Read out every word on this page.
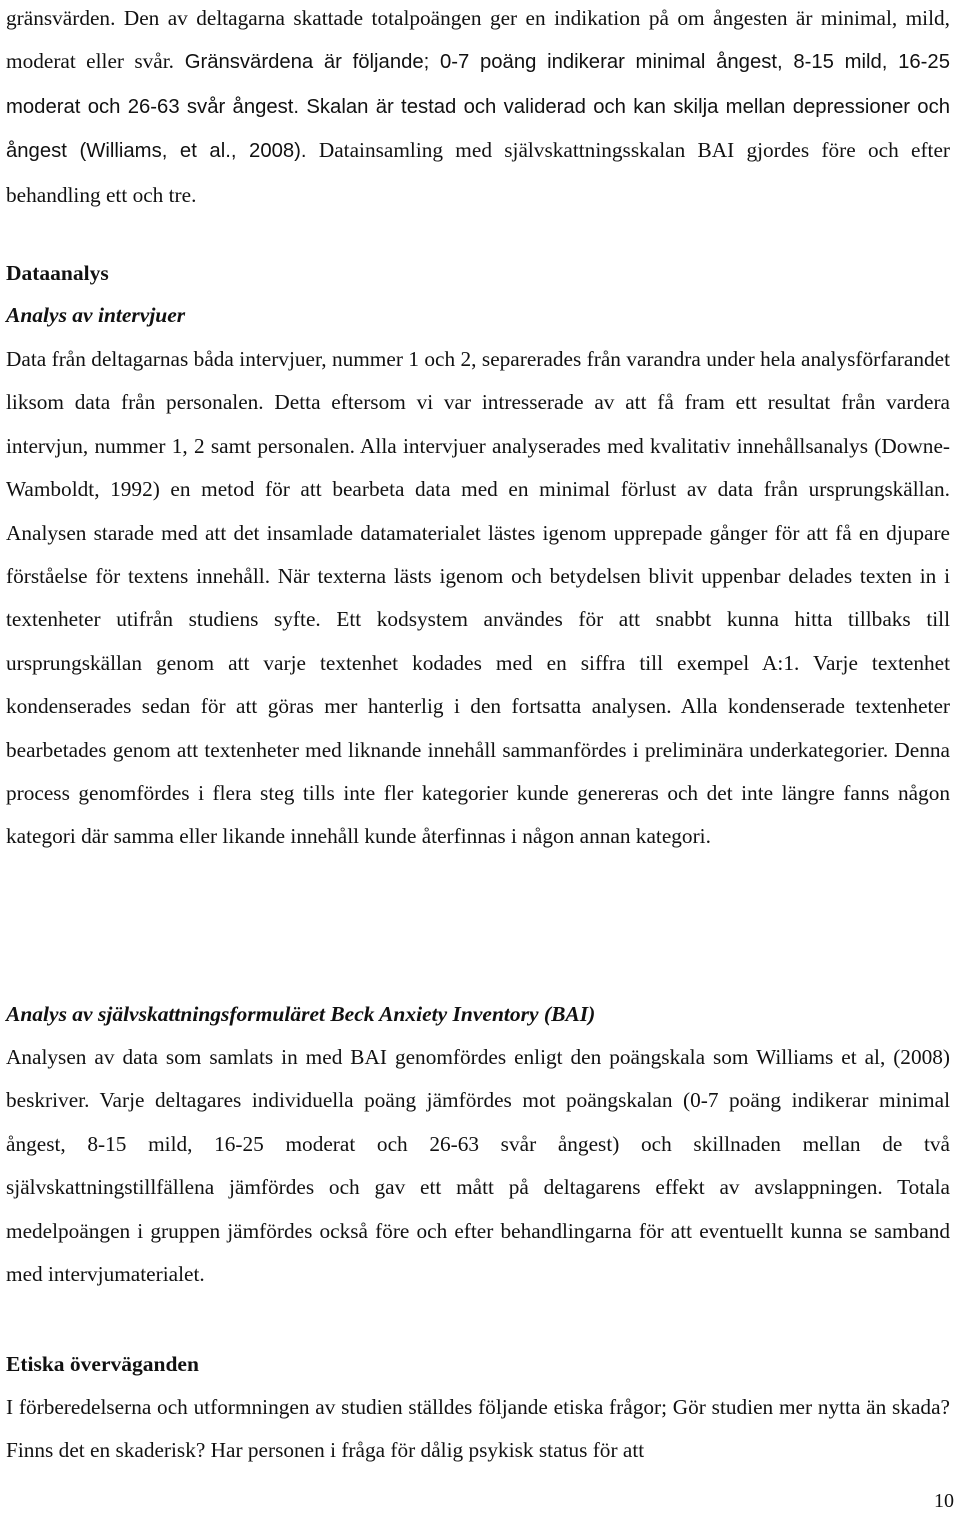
gränsvärden. Den av deltagarna skattade totalpoängen ger en indikation på om ångesten är minimal, mild, moderat eller svår. Gränsvärdena är följande; 0-7 poäng indikerar minimal ångest, 8-15 mild, 16-25 moderat och 26-63 svår ångest. Skalan är testad och validerad och kan skilja mellan depressioner och ångest (Williams, et al., 2008). Datainsamling med självskattningsskalan BAI gjordes före och efter behandling ett och tre.

Dataanalys
Analys av intervjuer

Data från deltagarnas båda intervjuer, nummer 1 och 2, separerades från varandra under hela analysförfarandet liksom data från personalen. Detta eftersom vi var intresserade av att få fram ett resultat från vardera intervjun, nummer 1, 2 samt personalen. Alla intervjuer analyserades med kvalitativ innehållsanalys (Downe-Wamboldt, 1992) en metod för att bearbeta data med en minimal förlust av data från ursprungskällan. Analysen starade med att det insamlade datamaterialet lästes igenom upprepade gånger för att få en djupare förståelse för textens innehåll. När texterna lästs igenom och betydelsen blivit uppenbar delades texten in i textenheter utifrån studiens syfte. Ett kodsystem användes för att snabbt kunna hitta tillbaks till ursprungskällan genom att varje textenhet kodades med en siffra till exempel A:1. Varje textenhet kondenserades sedan för att göras mer hanterlig i den fortsatta analysen. Alla kondenserade textenheter bearbetades genom att textenheter med liknande innehåll sammanfördes i preliminära underkategorier. Denna process genomfördes i flera steg tills inte fler kategorier kunde genereras och det inte längre fanns någon kategori där samma eller likande innehåll kunde återfinnas i någon annan kategori.

Analys av självskattningsformuläret Beck Anxiety Inventory (BAI)

Analysen av data som samlats in med BAI genomfördes enligt den poängskala som Williams et al, (2008) beskriver. Varje deltagares individuella poäng jämfördes mot poängskalan (0-7 poäng indikerar minimal ångest, 8-15 mild, 16-25 moderat och 26-63 svår ångest) och skillnaden mellan de två självskattningstillfällena jämfördes och gav ett mått på deltagarens effekt av avslappningen. Totala medelpoängen i gruppen jämfördes också före och efter behandlingarna för att eventuellt kunna se samband med intervjumaterialet.

Etiska överväganden

I förberedelserna och utformningen av studien ställdes följande etiska frågor; Gör studien mer nytta än skada? Finns det en skaderisk? Har personen i fråga för dålig psykisk status för att

10
